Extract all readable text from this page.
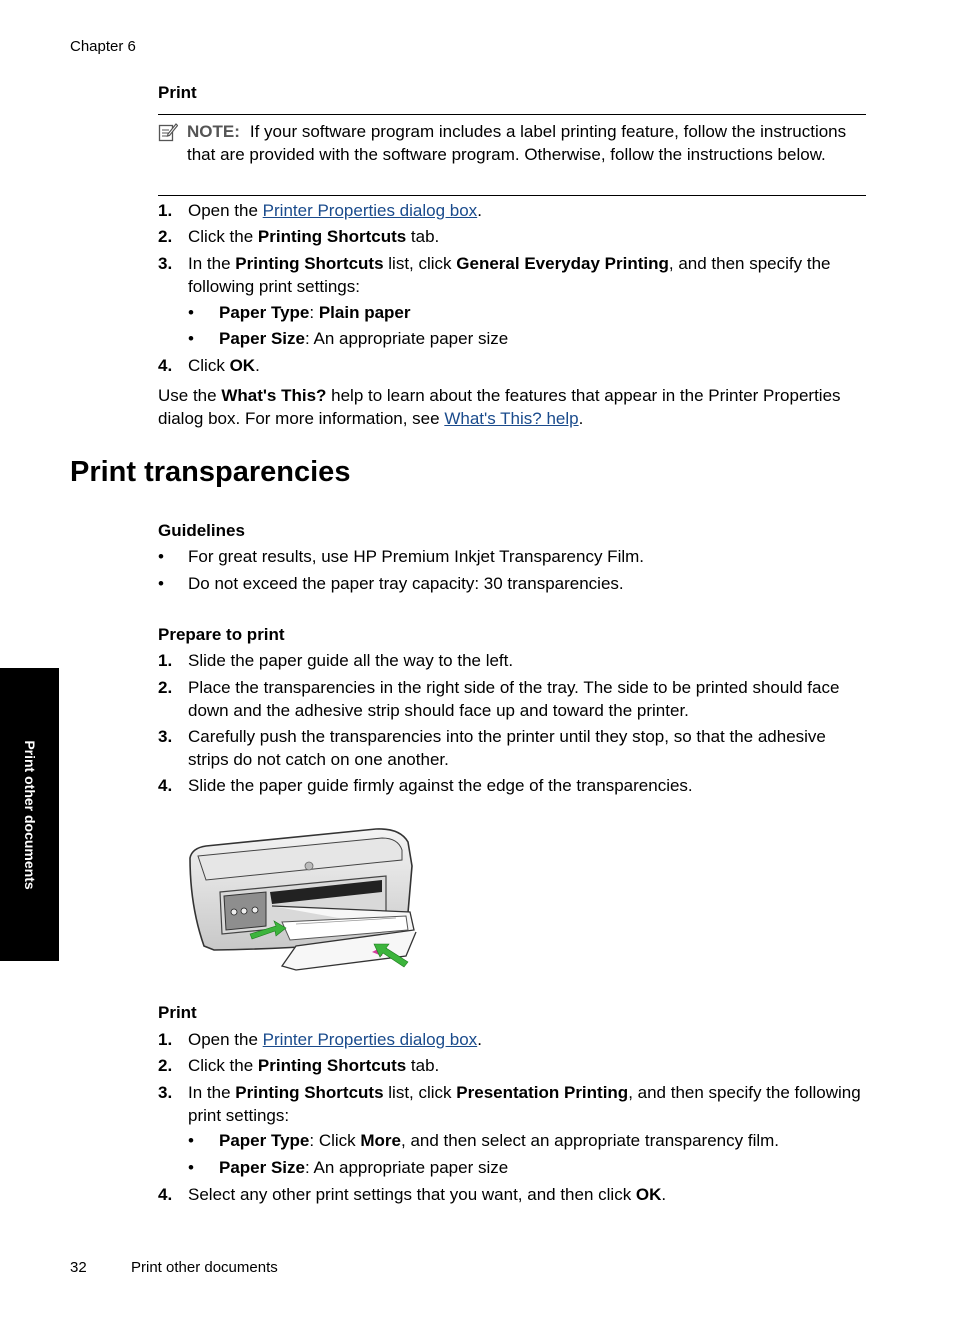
Chapter 6
Print
NOTE: If your software program includes a label printing feature, follow the instructions that are provided with the software program. Otherwise, follow the instructions below.
1. Open the Printer Properties dialog box.
2. Click the Printing Shortcuts tab.
3. In the Printing Shortcuts list, click General Everyday Printing, and then specify the following print settings:
• Paper Type: Plain paper
• Paper Size: An appropriate paper size
4. Click OK.
Use the What's This? help to learn about the features that appear in the Printer Properties dialog box. For more information, see What's This? help.
Print transparencies
Guidelines
• For great results, use HP Premium Inkjet Transparency Film.
• Do not exceed the paper tray capacity: 30 transparencies.
Prepare to print
1. Slide the paper guide all the way to the left.
2. Place the transparencies in the right side of the tray. The side to be printed should face down and the adhesive strip should face up and toward the printer.
3. Carefully push the transparencies into the printer until they stop, so that the adhesive strips do not catch on one another.
4. Slide the paper guide firmly against the edge of the transparencies.
Print
1. Open the Printer Properties dialog box.
2. Click the Printing Shortcuts tab.
3. In the Printing Shortcuts list, click Presentation Printing, and then specify the following print settings:
• Paper Type: Click More, and then select an appropriate transparency film.
• Paper Size: An appropriate paper size
4. Select any other print settings that you want, and then click OK.
Print other documents
32	Print other documents
